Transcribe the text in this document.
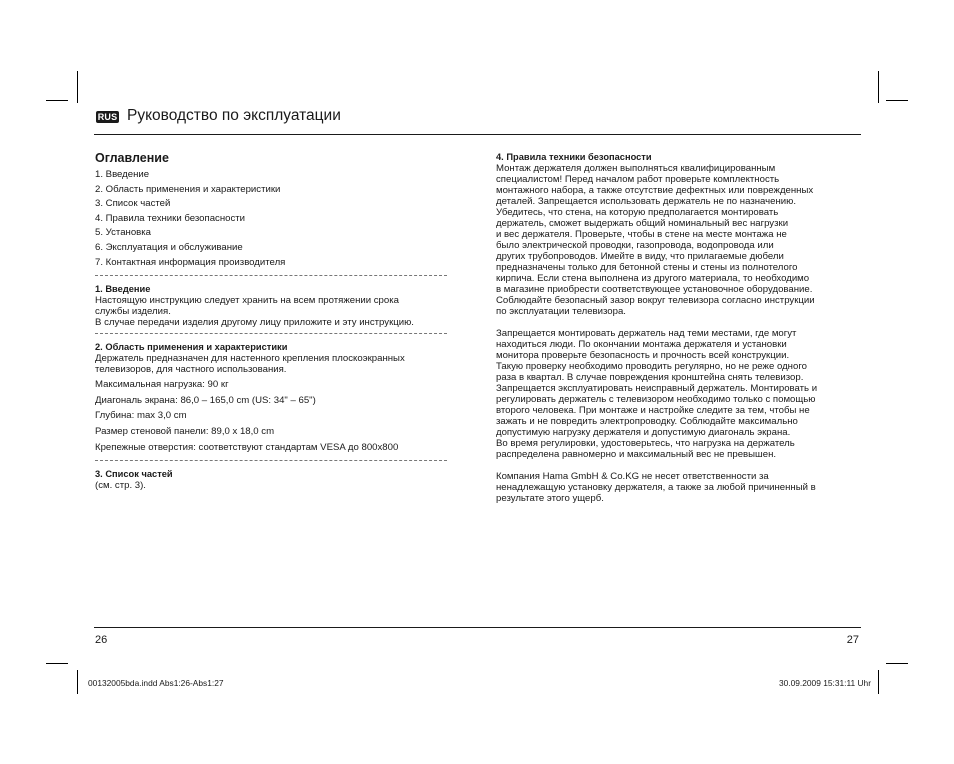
RUS Руководство по эксплуатации
Оглавление
1. Введение
2. Область применения и характеристики
3. Список частей
4. Правила техники безопасности
5. Установка
6. Эксплуатация и обслуживание
7. Контактная информация производителя
1. Введение
Настоящую инструкцию следует хранить на всем протяжении срока
службы изделия.
В случае передачи изделия другому лицу приложите и эту инструкцию.
2. Область применения и характеристики
Держатель предназначен для настенного крепления плоскоэкранных
телевизоров, для частного использования.
Максимальная нагрузка: 90 кг
Диагональ экрана: 86,0 – 165,0 cm (US: 34" – 65")
Глубина: max 3,0 cm
Размер стеновой панели: 89,0 x 18,0 cm
Крепежные отверстия: соответствуют стандартам VESA до 800x800
3. Список частей
(см. стр. 3).
4. Правила техники безопасности
Монтаж держателя должен выполняться квалифицированным
специалистом! Перед началом работ проверьте комплектность
монтажного набора, а также отсутствие дефектных или поврежденных
деталей. Запрещается использовать держатель не по назначению.
Убедитесь, что стена, на которую предполагается монтировать
держатель, сможет выдержать общий номинальный вес нагрузки
и вес держателя. Проверьте, чтобы в стене на месте монтажа не
было электрической проводки, газопровода, водопровода или
других трубопроводов. Имейте в виду, что прилагаемые дюбели
предназначены только для бетонной стены и стены из полнотелого
кирпича. Если стена выполнена из другого материала, то необходимо
в магазине приобрести соответствующее установочное оборудование.
Соблюдайте безопасный зазор вокруг телевизора согласно инструкции
по эксплуатации телевизора.
Запрещается монтировать держатель над теми местами, где могут
находиться люди. По окончании монтажа держателя и установки
монитора проверьте безопасность и прочность всей конструкции.
Такую проверку необходимо проводить регулярно, но не реже одного
раза в квартал. В случае повреждения кронштейна снять телевизор.
Запрещается эксплуатировать неисправный держатель. Монтировать и
регулировать держатель с телевизором необходимо только с помощью
второго человека. При монтаже и настройке следите за тем, чтобы не
зажать и не повредить электропроводку. Соблюдайте максимально
допустимую нагрузку держателя и допустимую диагональ экрана.
Во время регулировки, удостоверьтесь, что нагрузка на держатель
распределена равномерно и максимальный вес не превышен.
Компания Hama GmbH & Co.KG не несет ответственности за
ненадлежащую установку держателя, а также за любой причиненный в
результате этого ущерб.
26	27
00132005bda.indd Abs1:26-Abs1:27	30.09.2009 15:31:11 Uhr
